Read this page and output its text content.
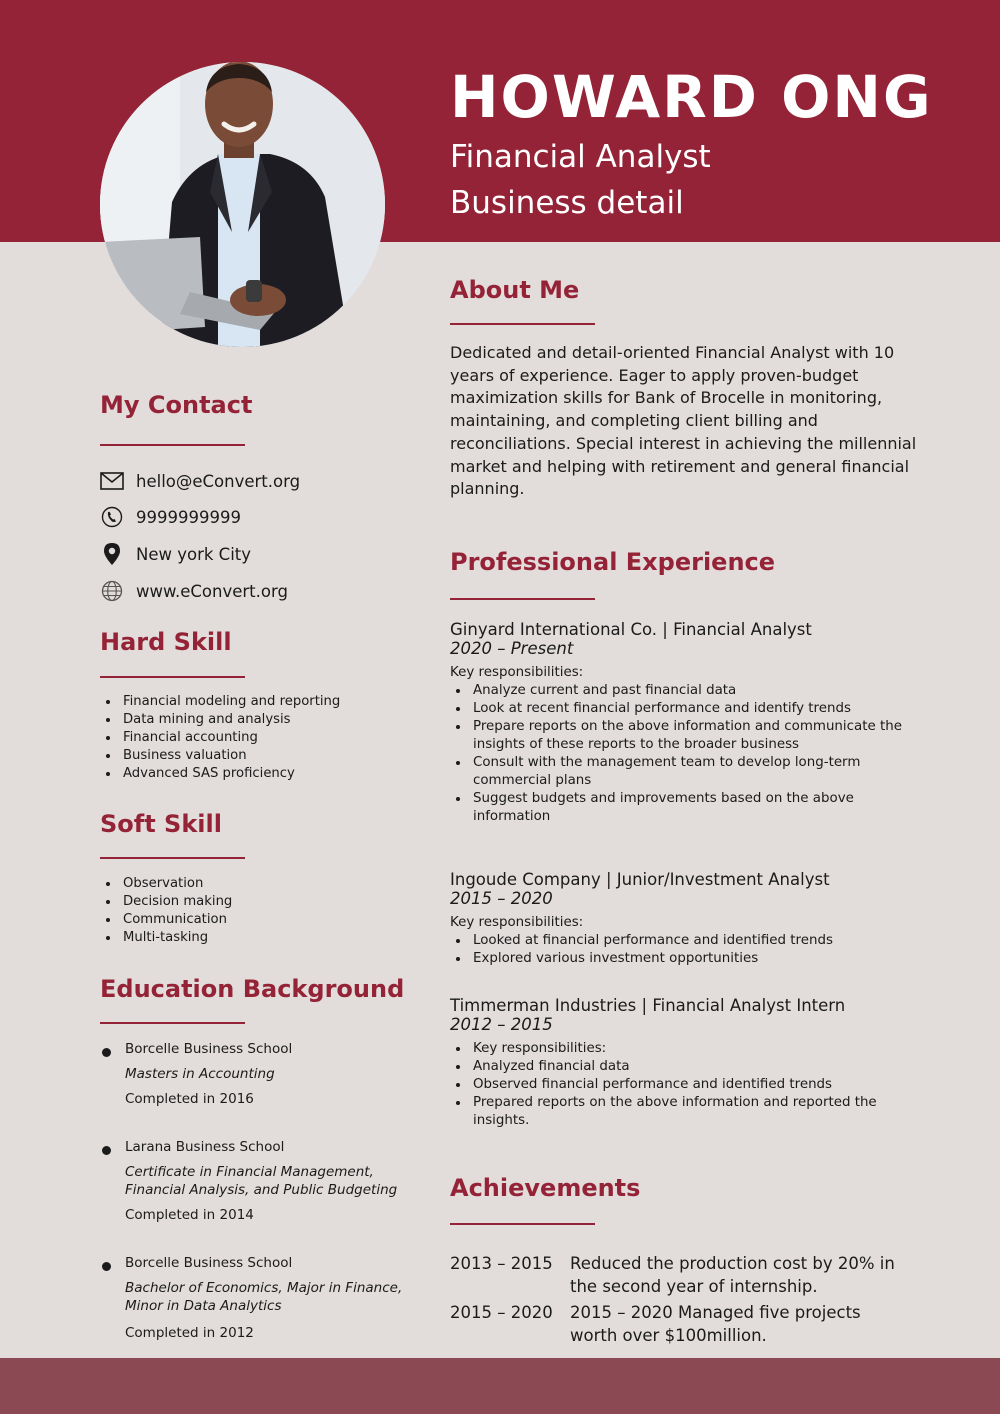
HOWARD ONG
Financial Analyst
Business detail
About Me
Dedicated and detail-oriented Financial Analyst with 10 years of experience. Eager to apply proven-budget maximization skills for Bank of Brocelle in monitoring, maintaining, and completing client billing and reconciliations. Special interest in achieving the millennial market and helping with retirement and general financial planning.
My Contact
hello@eConvert.org
9999999999
New york City
www.eConvert.org
Hard Skill
Financial modeling and reporting
Data mining and analysis
Financial accounting
Business valuation
Advanced SAS proficiency
Soft Skill
Observation
Decision making
Communication
Multi-tasking
Education Background
Borcelle Business School
Masters in Accounting
Completed in 2016
Larana Business School
Certificate in Financial Management, Financial Analysis, and Public Budgeting
Completed in 2014
Borcelle Business School
Bachelor of Economics, Major in Finance, Minor in Data Analytics
Completed in 2012
Professional Experience
Ginyard International Co. | Financial Analyst
2020 – Present
Key responsibilities:
Analyze current and past financial data
Look at recent financial performance and identify trends
Prepare reports on the above information and communicate the insights of these reports to the broader business
Consult with the management team to develop long-term commercial plans
Suggest budgets and improvements based on the above information
Ingoude Company | Junior/Investment Analyst
2015 – 2020
Key responsibilities:
Looked at financial performance and identified trends
Explored various investment opportunities
Timmerman Industries | Financial Analyst Intern
2012 – 2015
Key responsibilities:
Analyzed financial data
Observed financial performance and identified trends
Prepared reports on the above information and reported the insights.
Achievements
2013 – 2015	Reduced the production cost by 20% in the second year of internship.
2015 – 2020	2015 – 2020 Managed five projects worth over $100million.
